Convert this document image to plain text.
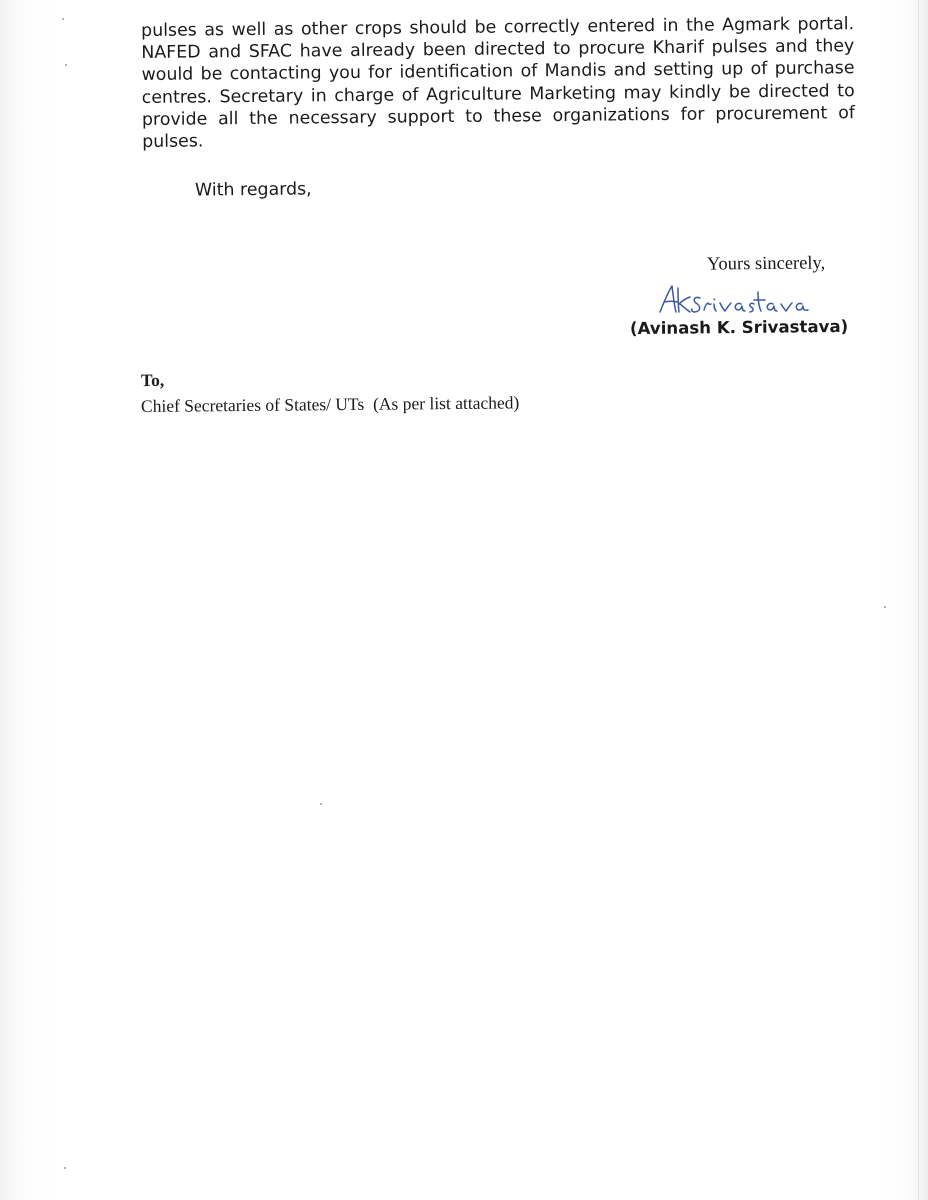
pulses as well as other crops should be correctly entered in the Agmark portal.
NAFED and SFAC have already been directed to procure Kharif pulses and they
would be contacting you for identification of Mandis and setting up of purchase
centres. Secretary in charge of Agriculture Marketing may kindly be directed to
provide all the necessary support to these organizations for procurement of
pulses.
With regards,
Yours sincerely,
(Avinash K. Srivastava)
To,
Chief Secretaries of States/ UTs  (As per list attached)
